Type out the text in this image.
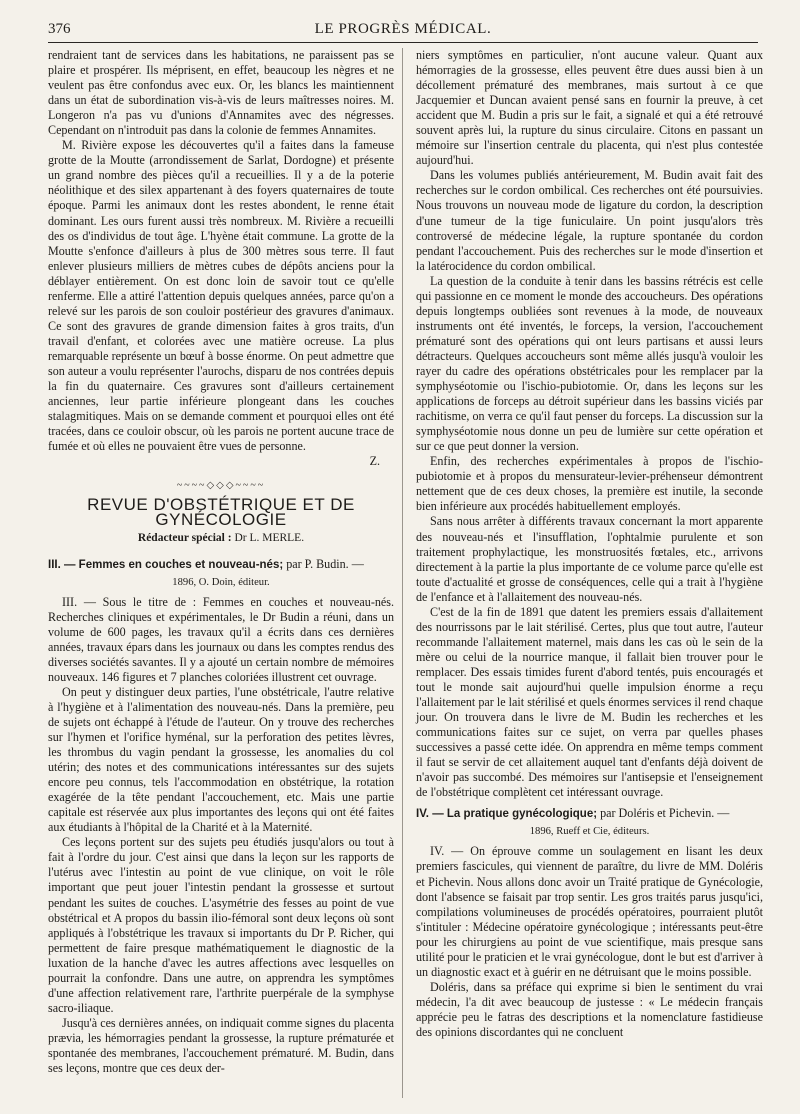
376	LE PROGRÈS MÉDICAL.

rendraient tant de services dans les habitations, ne paraissent pas se plaire et prospérer. Ils méprisent, en effet, beaucoup les nègres et ne veulent pas être confondus avec eux. Or, les blancs les maintiennent dans un état de subordination vis-à-vis de leurs maîtresses noires. M. Longeron n'a pas vu d'unions d'Annamites avec des négresses. Cependant on n'introduit pas dans la colonie de femmes Annamites.

M. Rivière expose les découvertes qu'il a faites dans la fameuse grotte de la Moutte (arrondissement de Sarlat, Dordogne) et présente un grand nombre des pièces qu'il a recueillies. Il y a de la poterie néolithique et des silex appartenant à des foyers quaternaires de toute époque. Parmi les animaux dont les restes abondent, le renne était dominant. Les ours furent aussi très nombreux. M. Rivière a recueilli des os d'individus de tout âge. L'hyène était commune. La grotte de la Moutte s'enfonce d'ailleurs à plus de 300 mètres sous terre. Il faut enlever plusieurs milliers de mètres cubes de dépôts anciens pour la déblayer entièrement. On est donc loin de savoir tout ce qu'elle renferme. Elle a attiré l'attention depuis quelques années, parce qu'on a relevé sur les parois de son couloir postérieur des gravures d'animaux. Ce sont des gravures de grande dimension faites à gros traits, d'un travail d'enfant, et colorées avec une matière ocreuse. La plus remarquable représente un bœuf à bosse énorme. On peut admettre que son auteur a voulu représenter l'aurochs, disparu de nos contrées depuis la fin du quaternaire. Ces gravures sont d'ailleurs certainement anciennes, leur partie inférieure plongeant dans les couches stalagmitiques. Mais on se demande comment et pourquoi elles ont été tracées, dans ce couloir obscur, où les parois ne portent aucune trace de fumée et où elles ne pouvaient être vues de personne.

Z.

~~~~◇◇◇~~~~
REVUE D'OBSTÉTRIQUE ET DE GYNÉCOLOGIE
Rédacteur spécial : Dr L. MERLE.

III. — Femmes en couches et nouveau-nés; par P. Budin. —

1896, O. Doin, éditeur.

III. — Sous le titre de : Femmes en couches et nouveau-nés. Recherches cliniques et expérimentales, le Dr Budin a réuni, dans un volume de 600 pages, les travaux qu'il a écrits dans ces dernières années, travaux épars dans les journaux ou dans les comptes rendus des diverses sociétés savantes. Il y a ajouté un certain nombre de mémoires nouveaux. 146 figures et 7 planches coloriées illustrent cet ouvrage.

On peut y distinguer deux parties, l'une obstétricale, l'autre relative à l'hygiène et à l'alimentation des nouveau-nés. Dans la première, peu de sujets ont échappé à l'étude de l'auteur. On y trouve des recherches sur l'hymen et l'orifice hyménal, sur la perforation des petites lèvres, les thrombus du vagin pendant la grossesse, les anomalies du col utérin; des notes et des communications intéressantes sur des sujets encore peu connus, tels l'accommodation en obstétrique, la rotation exagérée de la tête pendant l'accouchement, etc. Mais une partie capitale est réservée aux plus importantes des leçons qui ont été faites aux étudiants à l'hôpital de la Charité et à la Maternité.

Ces leçons portent sur des sujets peu étudiés jusqu'alors ou tout à fait à l'ordre du jour. C'est ainsi que dans la leçon sur les rapports de l'utérus avec l'intestin au point de vue clinique, on voit le rôle important que peut jouer l'intestin pendant la grossesse et surtout pendant les suites de couches. L'asymétrie des fesses au point de vue obstétrical et A propos du bassin ilio-fémoral sont deux leçons où sont appliqués à l'obstétrique les travaux si importants du Dr P. Richer, qui permettent de faire presque mathématiquement le diagnostic de la luxation de la hanche d'avec les autres affections avec lesquelles on pourrait la confondre. Dans une autre, on apprendra les symptômes d'une affection relativement rare, l'arthrite puerpérale de la symphyse sacro-iliaque.

Jusqu'à ces dernières années, on indiquait comme signes du placenta prævia, les hémorragies pendant la grossesse, la rupture prématurée et spontanée des membranes, l'accouchement prématuré. M. Budin, dans ses leçons, montre que ces deux der-

niers symptômes en particulier, n'ont aucune valeur. Quant aux hémorragies de la grossesse, elles peuvent être dues aussi bien à un décollement prématuré des membranes, mais surtout à ce que Jacquemier et Duncan avaient pensé sans en fournir la preuve, à cet accident que M. Budin a pris sur le fait, a signalé et qui a été retrouvé souvent après lui, la rupture du sinus circulaire. Citons en passant un mémoire sur l'insertion centrale du placenta, qui n'est plus contestée aujourd'hui.

Dans les volumes publiés antérieurement, M. Budin avait fait des recherches sur le cordon ombilical. Ces recherches ont été poursuivies. Nous trouvons un nouveau mode de ligature du cordon, la description d'une tumeur de la tige funiculaire. Un point jusqu'alors très controversé de médecine légale, la rupture spontanée du cordon pendant l'accouchement. Puis des recherches sur le mode d'insertion et la latérocidence du cordon ombilical.

La question de la conduite à tenir dans les bassins rétrécis est celle qui passionne en ce moment le monde des accoucheurs. Des opérations depuis longtemps oubliées sont revenues à la mode, de nouveaux instruments ont été inventés, le forceps, la version, l'accouchement prématuré sont des opérations qui ont leurs partisans et aussi leurs détracteurs. Quelques accoucheurs sont même allés jusqu'à vouloir les rayer du cadre des opérations obstétricales pour les remplacer par la symphyséotomie ou l'ischio-pubiotomie. Or, dans les leçons sur les applications de forceps au détroit supérieur dans les bassins viciés par rachitisme, on verra ce qu'il faut penser du forceps. La discussion sur la symphyséotomie nous donne un peu de lumière sur cette opération et sur ce que peut donner la version.

Enfin, des recherches expérimentales à propos de l'ischio-pubiotomie et à propos du mensurateur-levier-préhenseur démontrent nettement que de ces deux choses, la première est inutile, la seconde bien inférieure aux procédés habituellement employés.

Sans nous arrêter à différents travaux concernant la mort apparente des nouveau-nés et l'insufflation, l'ophtalmie purulente et son traitement prophylactique, les monstruosités fœtales, etc., arrivons directement à la partie la plus importante de ce volume parce qu'elle est toute d'actualité et grosse de conséquences, celle qui a trait à l'hygiène de l'enfance et à l'allaitement des nouveau-nés.

C'est de la fin de 1891 que datent les premiers essais d'allaitement des nourrissons par le lait stérilisé. Certes, plus que tout autre, l'auteur recommande l'allaitement maternel, mais dans les cas où le sein de la mère ou celui de la nourrice manque, il fallait bien trouver pour le remplacer. Des essais timides furent d'abord tentés, puis encouragés et tout le monde sait aujourd'hui quelle impulsion énorme a reçu l'allaitement par le lait stérilisé et quels énormes services il rend chaque jour. On trouvera dans le livre de M. Budin les recherches et les communications faites sur ce sujet, on verra par quelles phases successives a passé cette idée. On apprendra en même temps comment il faut se servir de cet allaitement auquel tant d'enfants déjà doivent de n'avoir pas succombé. Des mémoires sur l'antisepsie et l'enseignement de l'obstétrique complètent cet intéressant ouvrage.

IV. — La pratique gynécologique; par Doléris et Pichevin. —

1896, Rueff et Cie, éditeurs.

IV. — On éprouve comme un soulagement en lisant les deux premiers fascicules, qui viennent de paraître, du livre de MM. Doléris et Pichevin. Nous allons donc avoir un Traité pratique de Gynécologie, dont l'absence se faisait par trop sentir. Les gros traités parus jusqu'ici, compilations volumineuses de procédés opératoires, pourraient plutôt s'intituler : Médecine opératoire gynécologique ; intéressants peut-être pour les chirurgiens au point de vue scientifique, mais presque sans utilité pour le praticien et le vrai gynécologue, dont le but est d'arriver à un diagnostic exact et à guérir en ne détruisant que le moins possible.

Doléris, dans sa préface qui exprime si bien le sentiment du vrai médecin, l'a dit avec beaucoup de justesse : « Le médecin français apprécie peu le fatras des descriptions et la nomenclature fastidieuse des opinions discordantes qui ne concluent
